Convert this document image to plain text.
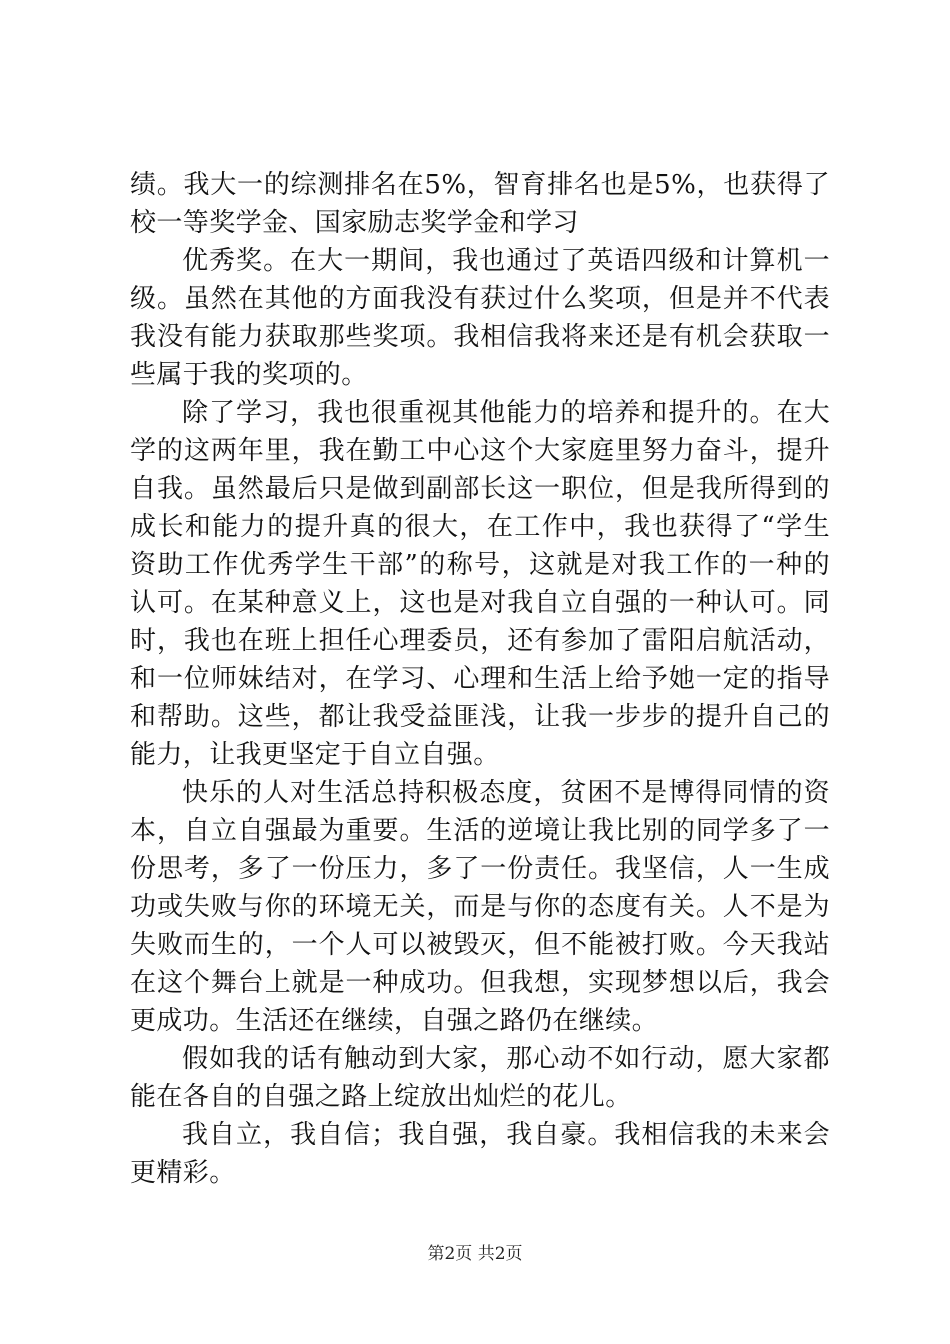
绩。我大一的综测排名在5%，智育排名也是5%，也获得了校一等奖学金、国家励志奖学金和学习

优秀奖。在大一期间，我也通过了英语四级和计算机一级。虽然在其他的方面我没有获过什么奖项，但是并不代表我没有能力获取那些奖项。我相信我将来还是有机会获取一些属于我的奖项的。

除了学习，我也很重视其他能力的培养和提升的。在大学的这两年里，我在勤工中心这个大家庭里努力奋斗，提升自我。虽然最后只是做到副部长这一职位，但是我所得到的成长和能力的提升真的很大，在工作中，我也获得了“学生资助工作优秀学生干部”的称号，这就是对我工作的一种的认可。在某种意义上，这也是对我自立自强的一种认可。同时，我也在班上担任心理委员，还有参加了雷阳启航活动，和一位师妹结对，在学习、心理和生活上给予她一定的指导和帮助。这些，都让我受益匪浅，让我一步步的提升自己的能力，让我更坚定于自立自强。

快乐的人对生活总持积极态度，贫困不是博得同情的资本，自立自强最为重要。生活的逆境让我比别的同学多了一份思考，多了一份压力，多了一份责任。我坚信，人一生成功或失败与你的环境无关，而是与你的态度有关。人不是为失败而生的，一个人可以被毁灭，但不能被打败。今天我站在这个舞台上就是一种成功。但我想，实现梦想以后，我会更成功。生活还在继续，自强之路仍在继续。

假如我的话有触动到大家，那心动不如行动，愿大家都能在各自的自强之路上绽放出灿烂的花儿。

我自立，我自信；我自强，我自豪。我相信我的未来会更精彩。

第2页 共2页
